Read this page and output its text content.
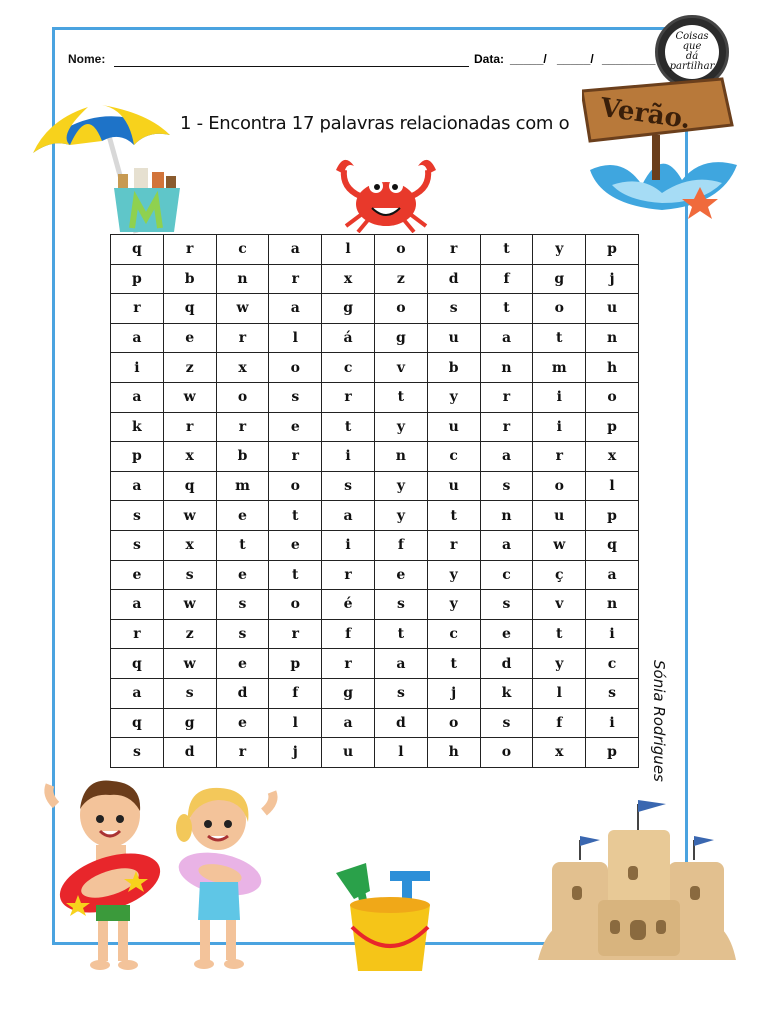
Nome:	Data: _____/ _____/ ________
Coisas que
dá
partilhar
1 - Encontra 17 palavras relacionadas com o Verão.
q	r	c	a	l	o	r	t	y	p
p	b	n	r	x	z	d	f	g	j
r	q	w	a	g	o	s	t	o	u
a	e	r	l	á	g	u	a	t	n
i	z	x	o	c	v	b	n	m	h
a	w	o	s	r	t	y	r	i	o
k	r	r	e	t	y	u	r	i	p
p	x	b	r	i	n	c	a	r	x
a	q	m	o	s	y	u	s	o	l
s	w	e	t	a	y	t	n	u	p
s	x	t	e	i	f	r	a	w	q
e	s	e	t	r	e	y	c	ç	a
a	w	s	o	é	s	y	s	v	n
r	z	s	r	f	t	c	e	t	i
q	w	e	p	r	a	t	d	y	c
a	s	d	f	g	s	j	k	l	s
q	g	e	l	a	d	o	s	f	i
s	d	r	j	u	l	h	o	x	p Sónia Rodrigues
